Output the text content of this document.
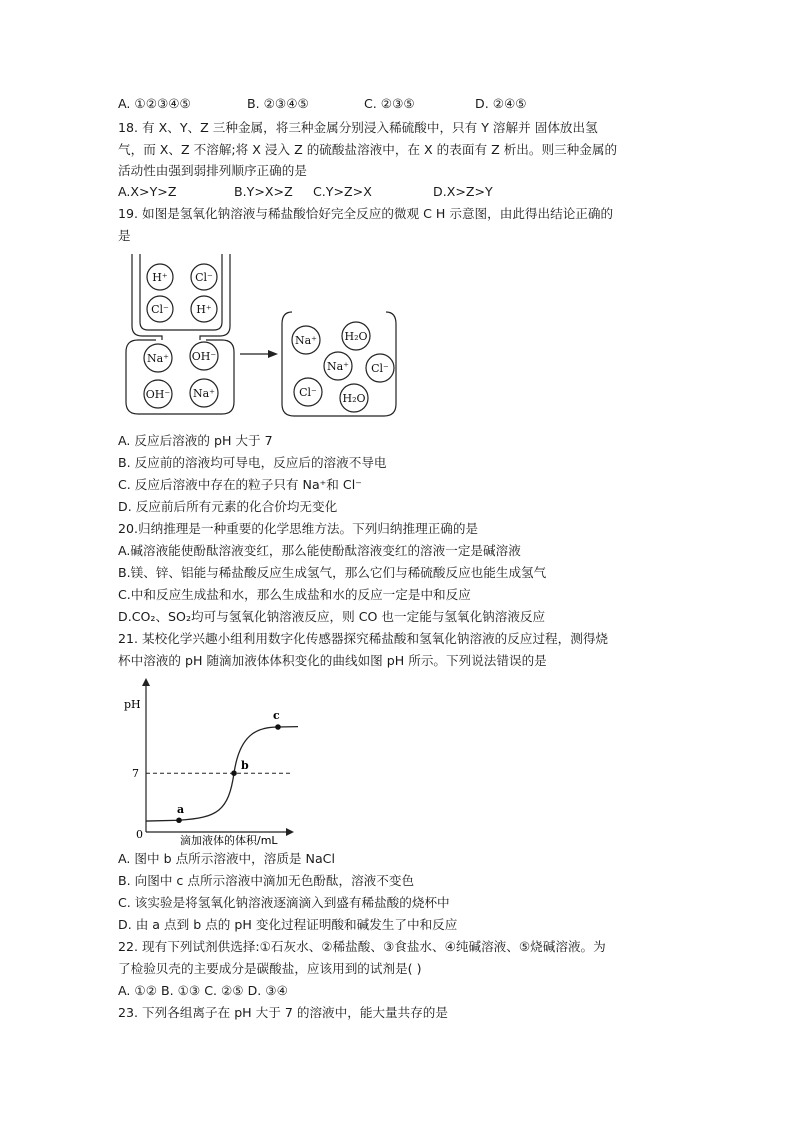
A. ①②③④⑤	B. ②③④⑤	C. ②③⑤	D. ②④⑤
18. 有 X、Y、Z 三种金属，将三种金属分别浸入稀硫酸中，只有 Y 溶解并 固体放出氢
气，而 X、Z 不溶解;将 X 浸入 Z 的硫酸盐溶液中，在 X 的表面有 Z 析出。则三种金属的
活动性由强到弱排列顺序正确的是
A.X>Y>Z	B.Y>X>Z C.Y>Z>X	D.X>Z>Y
19. 如图是氢氧化钠溶液与稀盐酸恰好完全反应的微观 C H 示意图，由此得出结论正确的
是
H⁺ Cl⁻
Cl⁻ H⁺
Na⁺ OH⁻
OH⁻ Na⁺
Na⁺ H₂O
Na⁺ Cl⁻
Cl⁻ H₂O
A. 反应后溶液的 pH 大于 7
B. 反应前的溶液均可导电，反应后的溶液不导电
C. 反应后溶液中存在的粒子只有 Na⁺和 Cl⁻
D. 反应前后所有元素的化合价均无变化
20.归纳推理是一种重要的化学思维方法。下列归纳推理正确的是
A.碱溶液能使酚酞溶液变红，那么能使酚酞溶液变红的溶液一定是碱溶液
B.镁、锌、铝能与稀盐酸反应生成氢气，那么它们与稀硫酸反应也能生成氢气
C.中和反应生成盐和水，那么生成盐和水的反应一定是中和反应
D.CO₂、SO₂均可与氢氧化钠溶液反应，则 CO 也一定能与氢氧化钠溶液反应
21. 某校化学兴趣小组利用数字化传感器探究稀盐酸和氢氧化钠溶液的反应过程，测得烧
杯中溶液的 pH 随滴加液体体积变化的曲线如图 pH 所示。下列说法错误的是
a
b
c
pH
7
0	滴加液体的体积/mL
A. 图中 b 点所示溶液中，溶质是 NaCl
B. 向图中 c 点所示溶液中滴加无色酚酞，溶液不变色
C. 该实验是将氢氧化钠溶液逐滴滴入到盛有稀盐酸的烧杯中
D. 由 a 点到 b 点的 pH 变化过程证明酸和碱发生了中和反应
22. 现有下列试剂供选择:①石灰水、②稀盐酸、③食盐水、④纯碱溶液、⑤烧碱溶液。为
了检验贝壳的主要成分是碳酸盐，应该用到的试剂是( )
A. ①② B. ①③ C. ②⑤ D. ③④
23. 下列各组离子在 pH 大于 7 的溶液中，能大量共存的是
